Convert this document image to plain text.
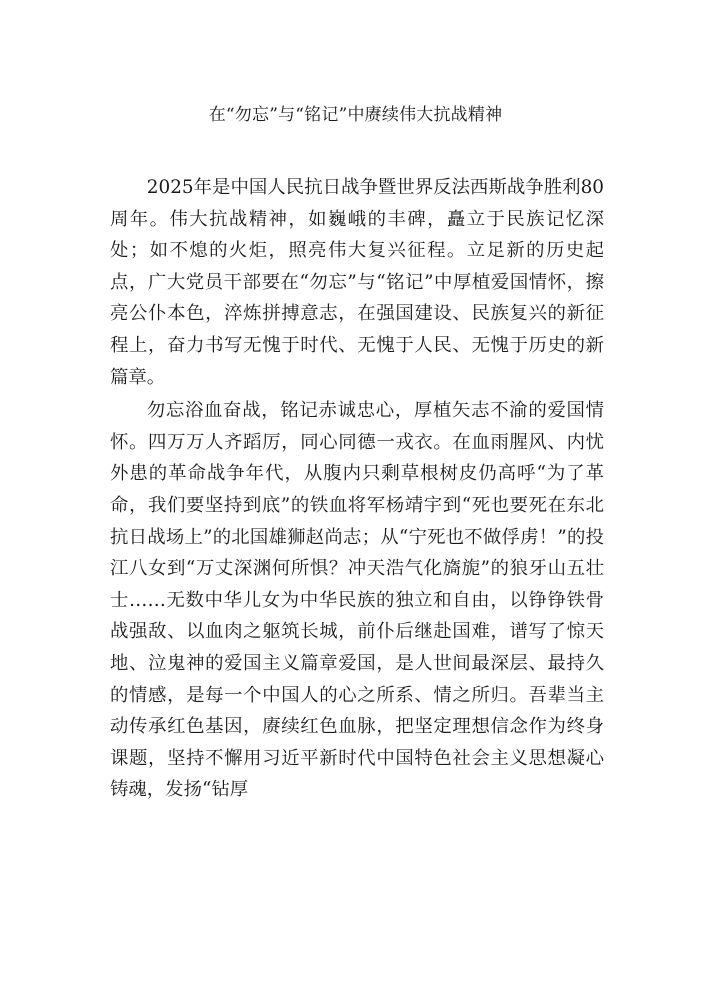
在“勿忘”与“铭记”中赓续伟大抗战精神

2025年是中国人民抗日战争暨世界反法西斯战争胜利80周年。伟大抗战精神，如巍峨的丰碑，矗立于民族记忆深处；如不熄的火炬，照亮伟大复兴征程。立足新的历史起点，广大党员干部要在“勿忘”与“铭记”中厚植爱国情怀，擦亮公仆本色，淬炼拼搏意志，在强国建设、民族复兴的新征程上，奋力书写无愧于时代、无愧于人民、无愧于历史的新篇章。

勿忘浴血奋战，铭记赤诚忠心，厚植矢志不渝的爱国情怀。四万万人齐蹈厉，同心同德一戎衣。在血雨腥风、内忧外患的革命战争年代，从腹内只剩草根树皮仍高呼“为了革命，我们要坚持到底”的铁血将军杨靖宇到“死也要死在东北抗日战场上”的北国雄狮赵尚志；从“宁死也不做俘虏！”的投江八女到“万丈深渊何所惧？冲天浩气化旖旎”的狼牙山五壮士……无数中华儿女为中华民族的独立和自由，以铮铮铁骨战强敌、以血肉之躯筑长城，前仆后继赴国难，谱写了惊天地、泣鬼神的爱国主义篇章爱国，是人世间最深层、最持久的情感，是每一个中国人的心之所系、情之所归。吾辈当主动传承红色基因，赓续红色血脉，把坚定理想信念作为终身课题，坚持不懈用习近平新时代中国特色社会主义思想凝心铸魂，发扬“钻厚
